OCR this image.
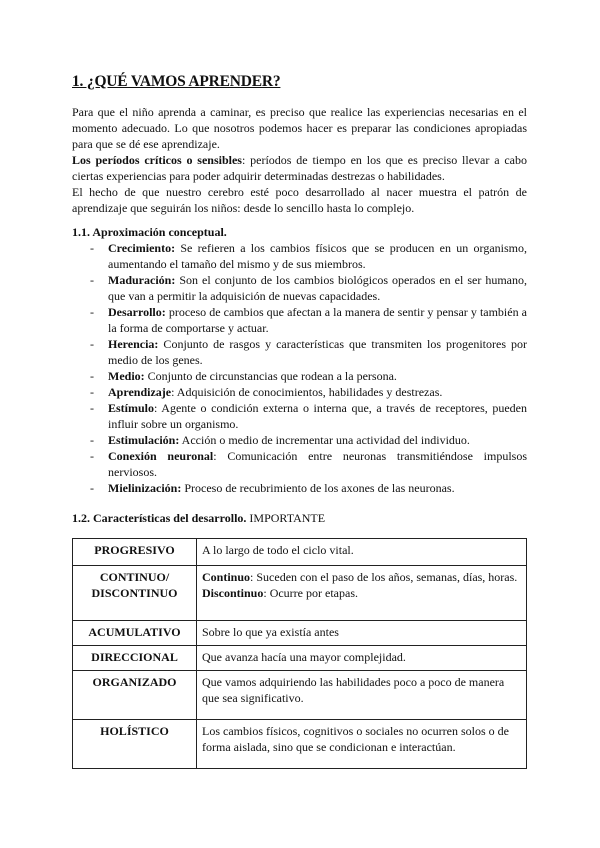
1. ¿QUÉ VAMOS APRENDER?

Para que el niño aprenda a caminar, es preciso que realice las experiencias necesarias en el momento adecuado. Lo que nosotros podemos hacer es preparar las condiciones apropiadas para que se dé ese aprendizaje.

Los períodos críticos o sensibles: períodos de tiempo en los que es preciso llevar a cabo ciertas experiencias para poder adquirir determinadas destrezas o habilidades.

El hecho de que nuestro cerebro esté poco desarrollado al nacer muestra el patrón de aprendizaje que seguirán los niños: desde lo sencillo hasta lo complejo.

1.1. Aproximación conceptual.
- Crecimiento: Se refieren a los cambios físicos que se producen en un organismo, aumentando el tamaño del mismo y de sus miembros.
- Maduración: Son el conjunto de los cambios biológicos operados en el ser humano, que van a permitir la adquisición de nuevas capacidades.
- Desarrollo: proceso de cambios que afectan a la manera de sentir y pensar y también a la forma de comportarse y actuar.
- Herencia: Conjunto de rasgos y características que transmiten los progenitores por medio de los genes.
- Medio: Conjunto de circunstancias que rodean a la persona.
- Aprendizaje: Adquisición de conocimientos, habilidades y destrezas.
- Estímulo: Agente o condición externa o interna que, a través de receptores, pueden influir sobre un organismo.
- Estimulación: Acción o medio de incrementar una actividad del individuo.
- Conexión neuronal: Comunicación entre neuronas transmitiéndose impulsos nerviosos.
- Mielinización: Proceso de recubrimiento de los axones de las neuronas.
1.2. Características del desarrollo. IMPORTANTE
PROGRESIVO	A lo largo de todo el ciclo vital.
CONTINUO/ DISCONTINUO	Continuo: Suceden con el paso de los años, semanas, días, horas.
Discontinuo: Ocurre por etapas.
ACUMULATIVO	Sobre lo que ya existía antes
DIRECCIONAL	Que avanza hacía una mayor complejidad.
ORGANIZADO	Que vamos adquiriendo las habilidades poco a poco de manera que sea significativo.
HOLÍSTICO	Los cambios físicos, cognitivos o sociales no ocurren solos o de forma aislada, sino que se condicionan e interactúan.
